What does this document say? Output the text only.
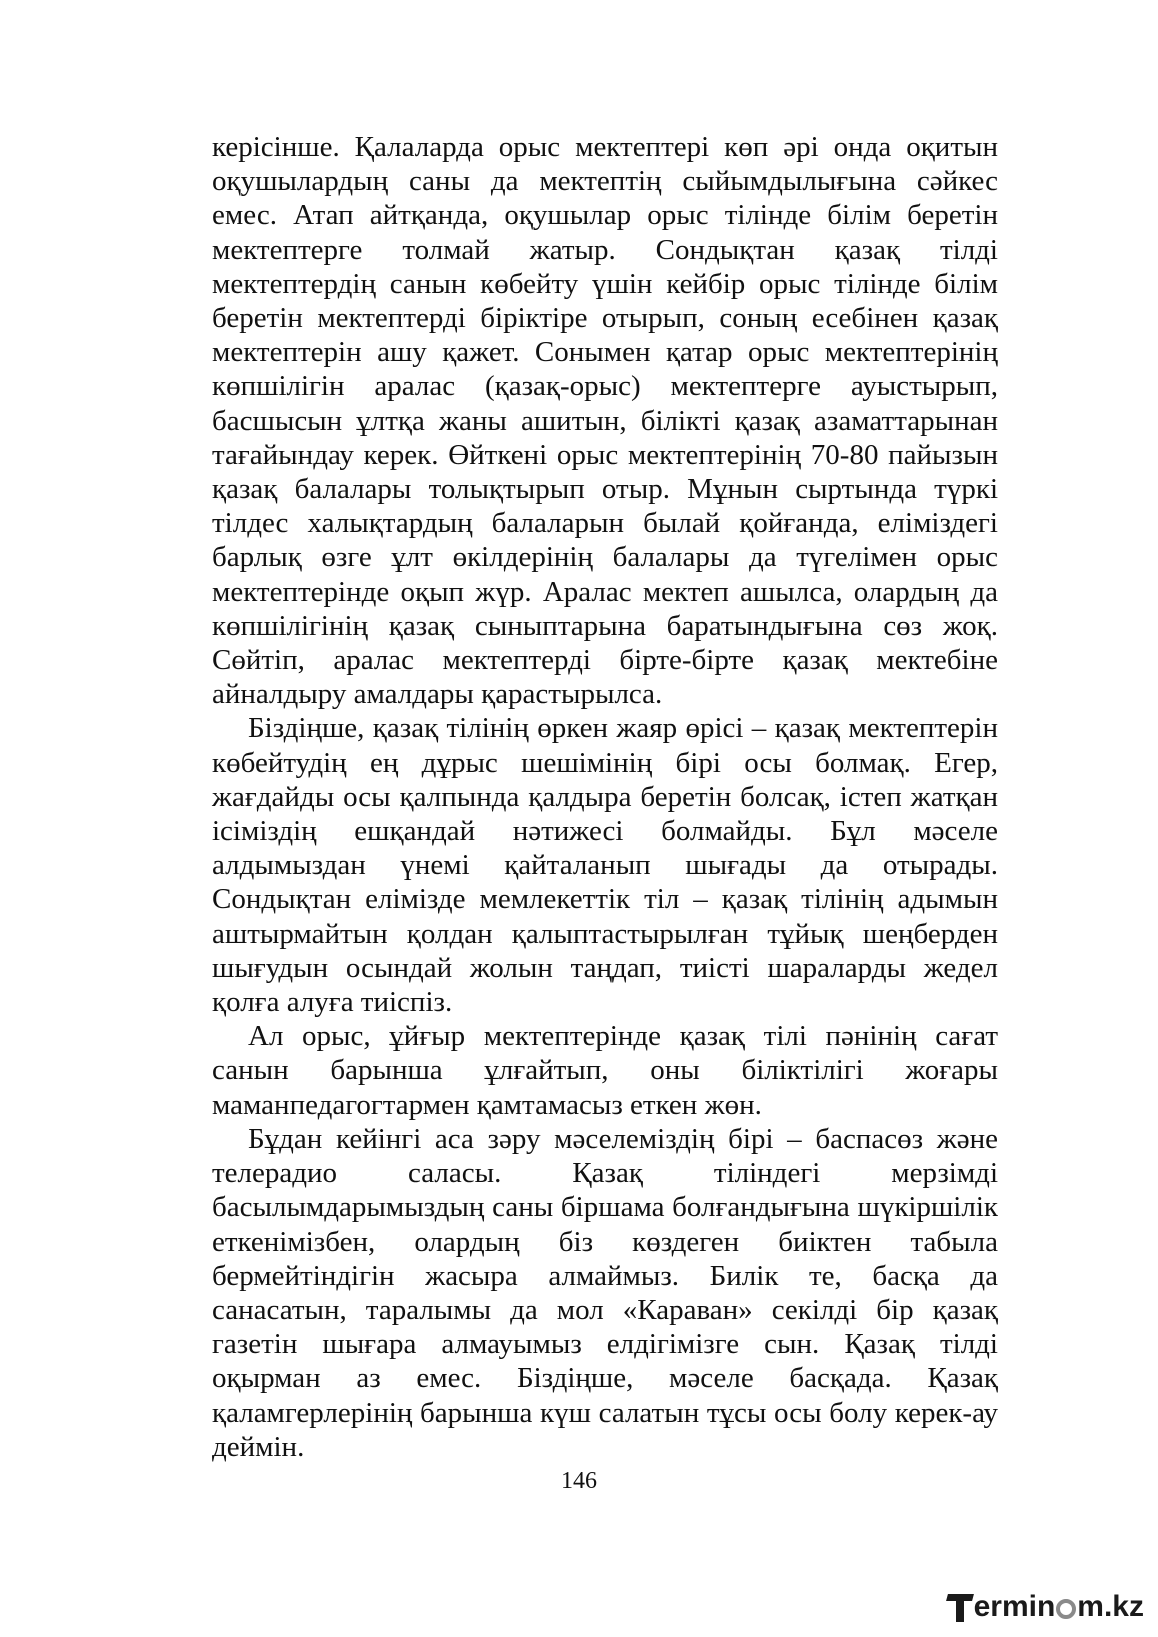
керісінше. Қалаларда орыс мектептері көп әрі онда оқитын оқушылардың саны да мектептің сыйымдылығына сәйкес емес. Атап айтқанда, оқушылар орыс тілінде білім беретін мектептерге толмай жатыр. Сондықтан қазақ тілді мектептердің санын көбейту үшін кейбір орыс тілінде білім беретін мектептерді біріктіре отырып, соның есебінен қазақ мектептерін ашу қажет. Сонымен қатар орыс мектептерінің көпшілігін аралас (қазақ-орыс) мектептерге ауыстырып, басшысын ұлтқа жаны ашитын, білікті қазақ азаматтарынан тағайындау керек. Өйткені орыс мектептерінің 70-80 пайызын қазақ балалары толықтырып отыр. Мұнын сыртында түркі тілдес халықтардың балаларын былай қойғанда, еліміздегі барлық өзге ұлт өкілдерінің балалары да түгелімен орыс мектептерінде оқып жүр. Аралас мектеп ашылса, олардың да көпшілігінің қазақ сыныптарына баратындығына сөз жоқ. Сөйтіп, аралас мектептерді бірте-бірте қазақ мектебіне айналдыру амалдары қарастырылса.

Біздіңше, қазақ тілінің өркен жаяр өрісі – қазақ мектептерін көбейтудің ең дұрыс шешімінің бірі осы болмақ. Егер, жағдайды осы қалпында қалдыра беретін болсақ, істеп жатқан ісіміздің ешқандай нәтижесі болмайды. Бұл мәселе алдымыздан үнемі қайталанып шығады да отырады. Сондықтан елімізде мемлекеттік тіл – қазақ тілінің адымын аштырмайтын қолдан қалыптастырылған тұйық шеңберден шығудын осындай жолын таңдап, тиісті шараларды жедел қолға алуға тиіспіз.

Ал орыс, ұйғыр мектептерінде қазақ тілі пәнінің сағат санын барынша ұлғайтып, оны біліктілігі жоғары маманпедагогтармен қамтамасыз еткен жөн.

Бұдан кейінгі аса зәру мәселеміздің бірі – баспасөз және телерадио саласы. Қазақ тіліндегі мерзімді басылымдарымыздың саны біршама болғандығына шүкіршілік еткенімізбен, олардың біз көздеген биіктен табыла бермейтіндігін жасыра алмаймыз. Билік те, басқа да санасатын, таралымы да мол «Караван» секілді бір қазақ газетін шығара алмауымыз елдігімізге сын. Қазақ тілді оқырман аз емес. Біздіңше, мәселе басқада. Қазақ қаламгерлерінің барынша күш салатын тұсы осы болу керек-ау деймін.

146
ermin m.kz
